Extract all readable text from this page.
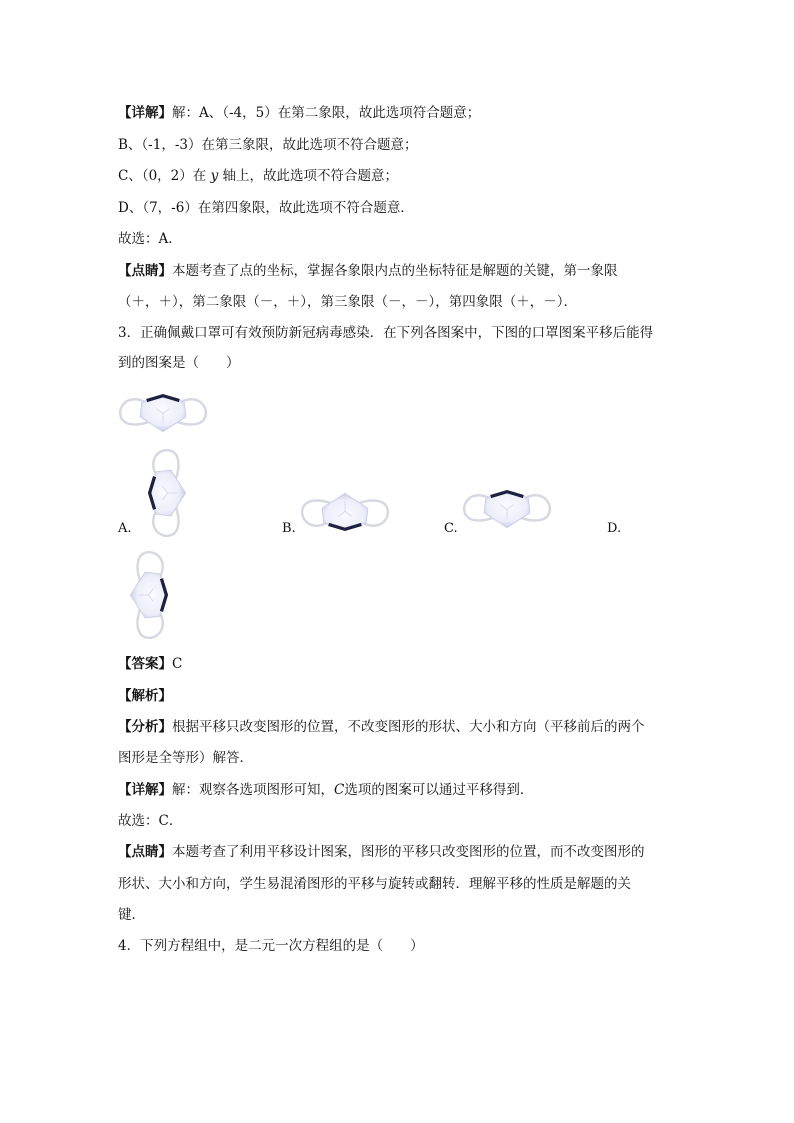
【详解】解：A、（-4，5）在第二象限，故此选项符合题意；
B、（-1，-3）在第三象限，故此选项不符合题意；
C、（0，2）在 y 轴上，故此选项不符合题意；
D、（7，-6）在第四象限，故此选项不符合题意．
故选：A．
【点睛】本题考查了点的坐标，掌握各象限内点的坐标特征是解题的关键，第一象限
（＋，＋），第二象限（－，＋），第三象限（－，－），第四象限（＋，－）．
3．正确佩戴口罩可有效预防新冠病毒感染．在下列各图案中，下图的口罩图案平移后能得
到的图案是（　　）
A.	B.	C.	D.
【答案】C
【解析】
【分析】根据平移只改变图形的位置，不改变图形的形状、大小和方向（平移前后的两个
图形是全等形）解答．
【详解】解：观察各选项图形可知，C选项的图案可以通过平移得到．
故选：C．
【点睛】本题考查了利用平移设计图案，图形的平移只改变图形的位置，而不改变图形的
形状、大小和方向，学生易混淆图形的平移与旋转或翻转．理解平移的性质是解题的关
键．
4．下列方程组中，是二元一次方程组的是（　　）
